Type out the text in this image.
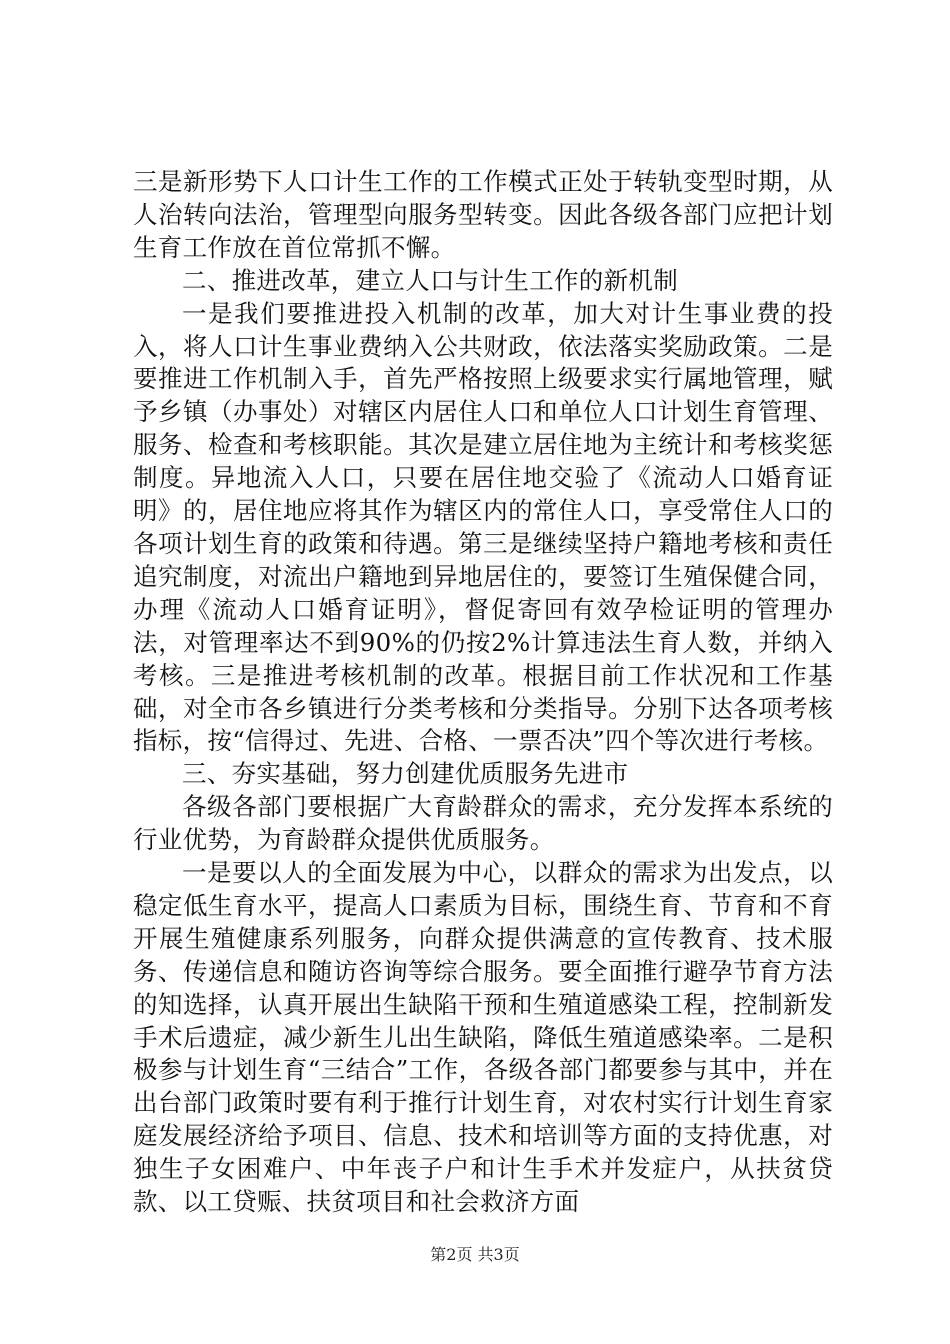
三是新形势下人口计生工作的工作模式正处于转轨变型时期，从人治转向法治，管理型向服务型转变。因此各级各部门应把计划生育工作放在首位常抓不懈。

二、推进改革，建立人口与计生工作的新机制

一是我们要推进投入机制的改革，加大对计生事业费的投入，将人口计生事业费纳入公共财政，依法落实奖励政策。二是要推进工作机制入手，首先严格按照上级要求实行属地管理，赋予乡镇（办事处）对辖区内居住人口和单位人口计划生育管理、服务、检查和考核职能。其次是建立居住地为主统计和考核奖惩制度。异地流入人口，只要在居住地交验了《流动人口婚育证明》的，居住地应将其作为辖区内的常住人口，享受常住人口的各项计划生育的政策和待遇。第三是继续坚持户籍地考核和责任追究制度，对流出户籍地到异地居住的，要签订生殖保健合同，办理《流动人口婚育证明》，督促寄回有效孕检证明的管理办法，对管理率达不到90%的仍按2%计算违法生育人数，并纳入考核。三是推进考核机制的改革。根据目前工作状况和工作基础，对全市各乡镇进行分类考核和分类指导。分别下达各项考核指标，按“信得过、先进、合格、一票否决”四个等次进行考核。

三、夯实基础，努力创建优质服务先进市

各级各部门要根据广大育龄群众的需求，充分发挥本系统的行业优势，为育龄群众提供优质服务。

一是要以人的全面发展为中心，以群众的需求为出发点，以稳定低生育水平，提高人口素质为目标，围绕生育、节育和不育开展生殖健康系列服务，向群众提供满意的宣传教育、技术服务、传递信息和随访咨询等综合服务。要全面推行避孕节育方法的知选择，认真开展出生缺陷干预和生殖道感染工程，控制新发手术后遗症，减少新生儿出生缺陷，降低生殖道感染率。二是积极参与计划生育“三结合”工作，各级各部门都要参与其中，并在出台部门政策时要有利于推行计划生育，对农村实行计划生育家庭发展经济给予项目、信息、技术和培训等方面的支持优惠，对独生子女困难户、中年丧子户和计生手术并发症户，从扶贫贷款、以工贷赈、扶贫项目和社会救济方面

第2页 共3页
